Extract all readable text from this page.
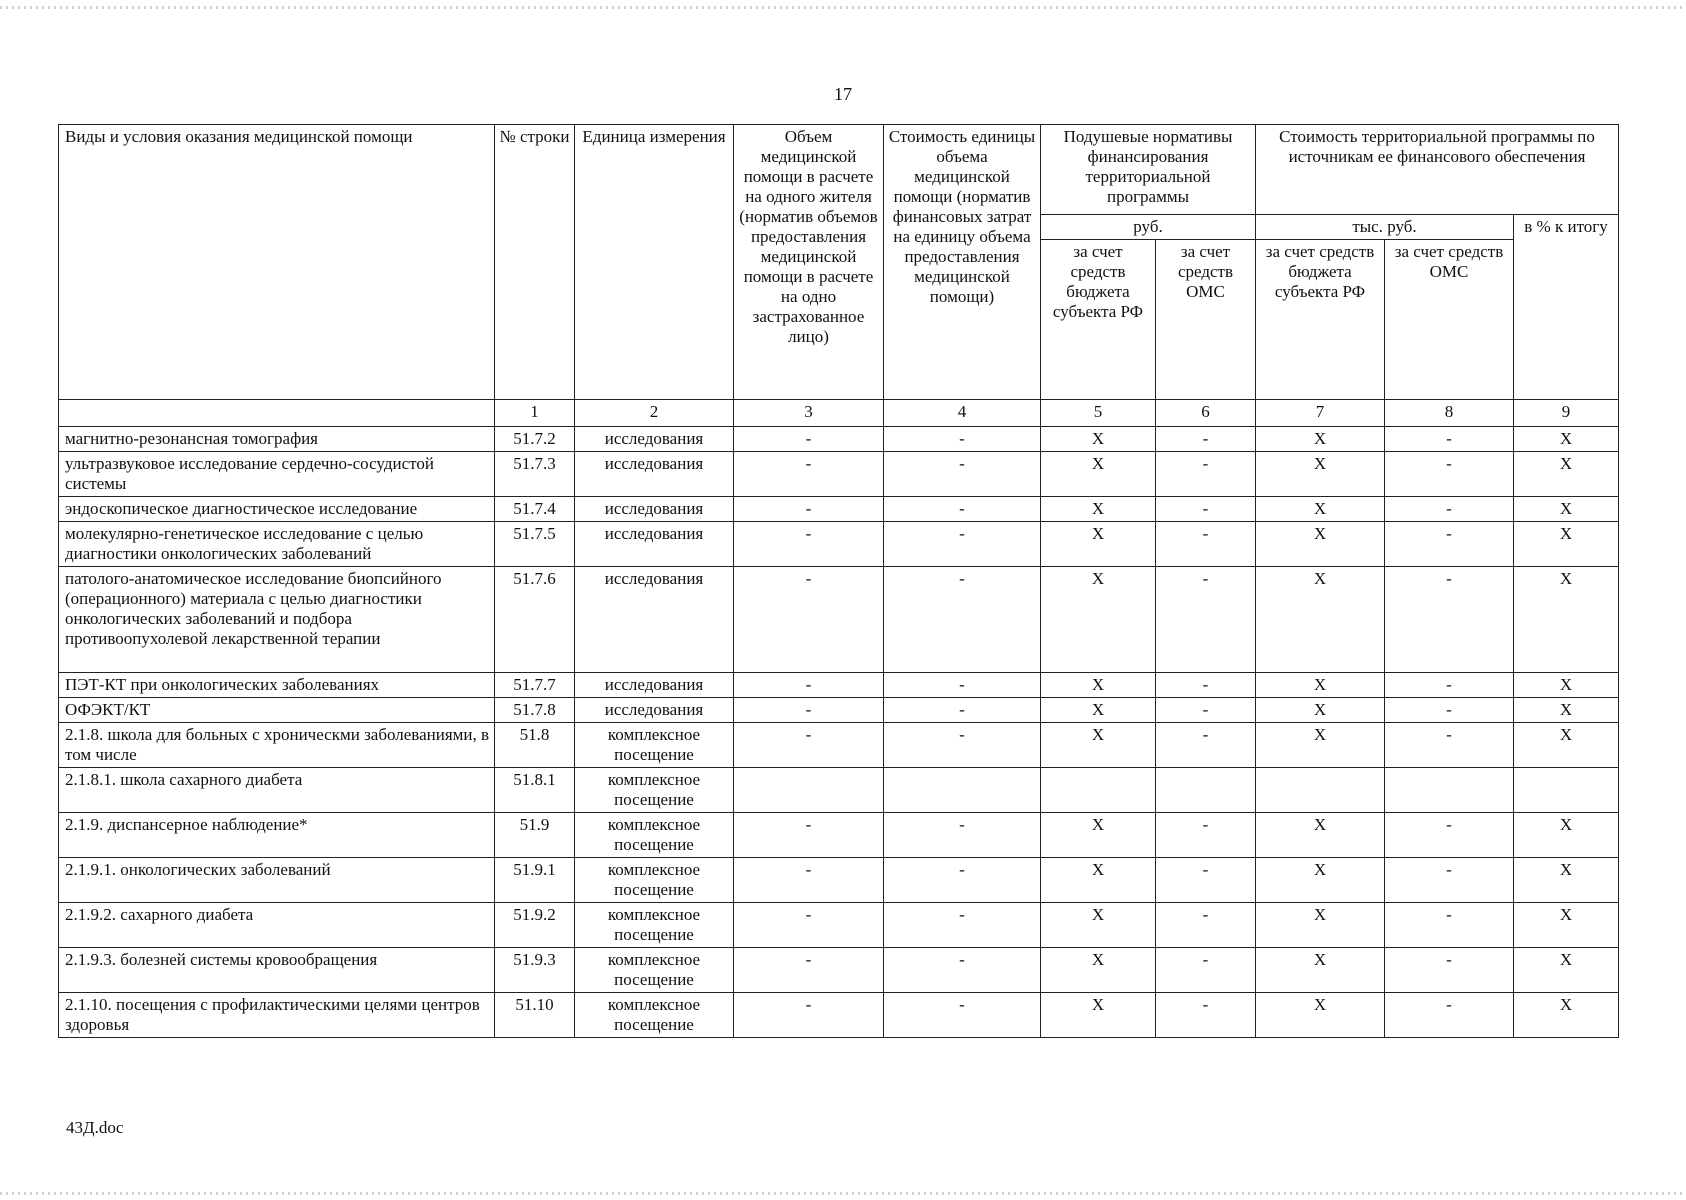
17
Виды и условия оказания медицинской помощи	№ строки	Единица измерения	Объем медицинской помощи в расчете на одного жителя (норматив объемов предоставления медицинской помощи в расчете на одно застрахованное лицо)	Стоимость единицы объема медицинской помощи (норматив финансовых затрат на единицу объема предоставления медицинской помощи)	Подушевые нормативы финансирования территориальной программы		Стоимость территориальной программы по источникам ее финансового обеспечения		
					руб.		тыс. руб.		в % к итогу
					за счет средств бюджета субъекта РФ	за счет средств ОМС	за счет средств бюджета субъекта РФ	за счет средств ОМС	
	1	2	3	4	5	6	7	8	9
магнитно-резонансная томография	51.7.2	исследования	-	-	X	-	X	-	X
ультразвуковое исследование сердечно-сосудистой системы	51.7.3	исследования	-	-	X	-	X	-	X
эндоскопическое диагностическое исследование	51.7.4	исследования	-	-	X	-	X	-	X
молекулярно-генетическое исследование с целью диагностики онкологических заболеваний	51.7.5	исследования	-	-	X	-	X	-	X
патолого-анатомическое исследование биопсийного (операционного) материала с целью диагностики онкологических заболеваний и подбора противоопухолевой лекарственной терапии	51.7.6	исследования	-	-	X	-	X	-	X
ПЭТ-КТ при онкологических заболеваниях	51.7.7	исследования	-	-	X	-	X	-	X
ОФЭКТ/КТ	51.7.8	исследования	-	-	X	-	X	-	X
2.1.8. школа для больных с хроническми заболеваниями, в том числе	51.8	комплексное посещение	-	-	X	-	X	-	X
2.1.8.1. школа сахарного диабета	51.8.1	комплексное посещение							
2.1.9. диспансерное наблюдение*	51.9	комплексное посещение	-	-	X	-	X	-	X
2.1.9.1. онкологических заболеваний	51.9.1	комплексное посещение	-	-	X	-	X	-	X
2.1.9.2. сахарного диабета	51.9.2	комплексное посещение	-	-	X	-	X	-	X
2.1.9.3. болезней системы кровообращения	51.9.3	комплексное посещение	-	-	X	-	X	-	X
2.1.10. посещения с профилактическими целями центров здоровья	51.10	комплексное посещение	-	-	X	-	X	-	X
43Д.doc
